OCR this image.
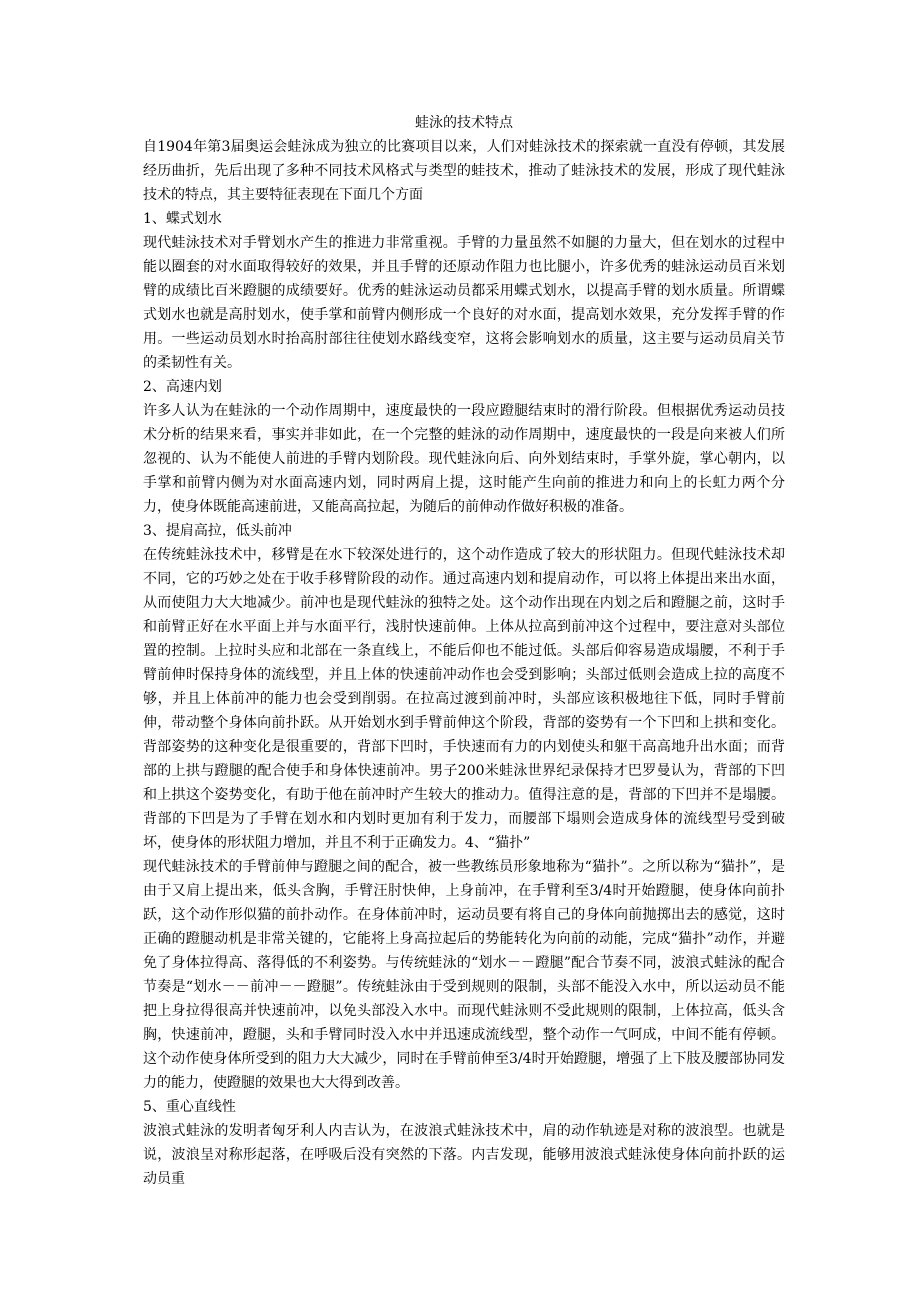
蛙泳的技术特点

自1904年第3届奥运会蛙泳成为独立的比赛项目以来，人们对蛙泳技术的探索就一直没有停顿，其发展经历曲折，先后出现了多种不同技术风格式与类型的蛙技术，推动了蛙泳技术的发展，形成了现代蛙泳技术的特点，其主要特征表现在下面几个方面

1、蝶式划水

现代蛙泳技术对手臂划水产生的推进力非常重视。手臂的力量虽然不如腿的力量大，但在划水的过程中能以圈套的对水面取得较好的效果，并且手臂的还原动作阻力也比腿小，许多优秀的蛙泳运动员百米划臂的成绩比百米蹬腿的成绩要好。优秀的蛙泳运动员都采用蝶式划水，以提高手臂的划水质量。所谓蝶式划水也就是高肘划水，使手掌和前臂内侧形成一个良好的对水面，提高划水效果，充分发挥手臂的作用。一些运动员划水时抬高肘部往往使划水路线变窄，这将会影响划水的质量，这主要与运动员肩关节的柔韧性有关。

2、高速内划

许多人认为在蛙泳的一个动作周期中，速度最快的一段应蹬腿结束时的滑行阶段。但根据优秀运动员技术分析的结果来看，事实并非如此，在一个完整的蛙泳的动作周期中，速度最快的一段是向来被人们所忽视的、认为不能使人前进的手臂内划阶段。现代蛙泳向后、向外划结束时，手掌外旋，掌心朝内，以手掌和前臂内侧为对水面高速内划，同时两肩上提，这时能产生向前的推进力和向上的长虹力两个分力，使身体既能高速前进，又能高高拉起，为随后的前伸动作做好积极的准备。

3、提肩高拉，低头前冲

在传统蛙泳技术中，移臂是在水下较深处进行的，这个动作造成了较大的形状阻力。但现代蛙泳技术却不同，它的巧妙之处在于收手移臂阶段的动作。通过高速内划和提肩动作，可以将上体提出来出水面，从而使阻力大大地减少。前冲也是现代蛙泳的独特之处。这个动作出现在内划之后和蹬腿之前，这时手和前臂正好在水平面上并与水面平行，浅肘快速前伸。上体从拉高到前冲这个过程中，要注意对头部位置的控制。上拉时头应和北部在一条直线上，不能后仰也不能过低。头部后仰容易造成塌腰，不利于手臂前伸时保持身体的流线型，并且上体的快速前冲动作也会受到影响；头部过低则会造成上拉的高度不够，并且上体前冲的能力也会受到削弱。在拉高过渡到前冲时，头部应该积极地往下低，同时手臂前伸，带动整个身体向前扑跃。从开始划水到手臂前伸这个阶段，背部的姿势有一个下凹和上拱和变化。背部姿势的这种变化是很重要的，背部下凹时，手快速而有力的内划使头和躯干高高地升出水面；而背部的上拱与蹬腿的配合使手和身体快速前冲。男子200米蛙泳世界纪录保持才巴罗曼认为，背部的下凹和上拱这个姿势变化，有助于他在前冲时产生较大的推动力。值得注意的是，背部的下凹并不是塌腰。背部的下凹是为了手臂在划水和内划时更加有利于发力，而腰部下塌则会造成身体的流线型号受到破坏，使身体的形状阻力增加，并且不利于正确发力。4、“猫扑”

现代蛙泳技术的手臂前伸与蹬腿之间的配合，被一些教练员形象地称为“猫扑”。之所以称为“猫扑”，是由于又肩上提出来，低头含胸，手臂汪肘快伸，上身前冲，在手臂利至3/4时开始蹬腿，使身体向前扑跃，这个动作形似猫的前扑动作。在身体前冲时，运动员要有将自己的身体向前抛掷出去的感觉，这时正确的蹬腿动机是非常关键的，它能将上身高拉起后的势能转化为向前的动能，完成“猫扑”动作，并避免了身体拉得高、落得低的不利姿势。与传统蛙泳的“划水－－蹬腿”配合节奏不同，波浪式蛙泳的配合节奏是“划水－－前冲－－蹬腿”。传统蛙泳由于受到规则的限制，头部不能没入水中，所以运动员不能把上身拉得很高并快速前冲，以免头部没入水中。而现代蛙泳则不受此规则的限制，上体拉高，低头含胸，快速前冲，蹬腿，头和手臂同时没入水中并迅速成流线型，整个动作一气呵成，中间不能有停顿。这个动作使身体所受到的阻力大大减少，同时在手臂前伸至3/4时开始蹬腿，增强了上下肢及腰部协同发力的能力，使蹬腿的效果也大大得到改善。

5、重心直线性

波浪式蛙泳的发明者匈牙利人内吉认为，在波浪式蛙泳技术中，肩的动作轨迹是对称的波浪型。也就是说，波浪呈对称形起落，在呼吸后没有突然的下落。内吉发现，能够用波浪式蛙泳使身体向前扑跃的运动员重
